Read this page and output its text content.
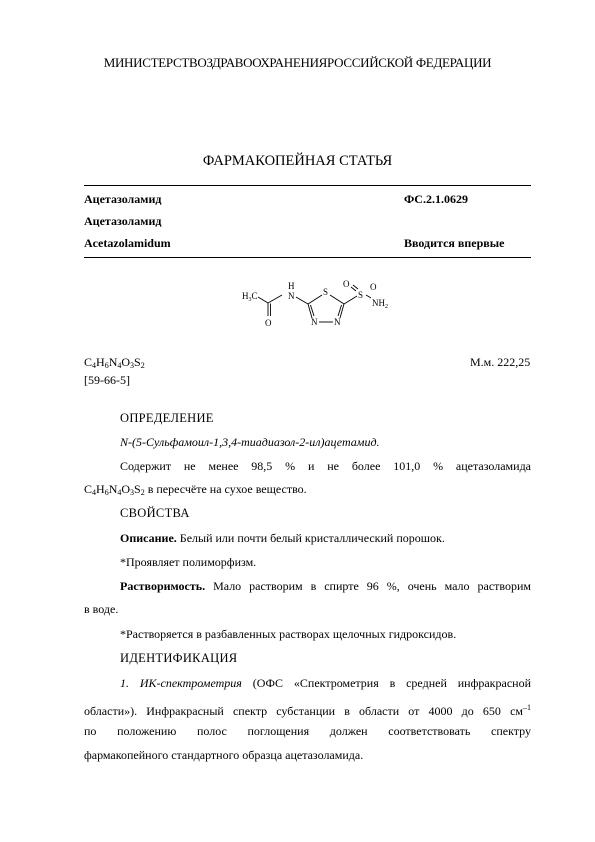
МИНИСТЕРСТВОЗДРАВООХРАНЕНИЯРОССИЙСКОЙ ФЕДЕРАЦИИ
ФАРМАКОПЕЙНАЯ СТАТЬЯ
Ацетазоламид	ФС.2.1.0629
Ацетазоламид
Acetazolamidum	Вводится впервые
$H_3C$
O
H
N	S
N N
O
S
O
$NH_2$
$C_4H_6N_4O_3S_2$	М.м. 222,25
[59-66-5]
ОПРЕДЕЛЕНИЕ
N-(5-Сульфамоил-1,3,4-тиадиазол-2-ил)ацетамид.
Содержит не менее 98,5 % и не более 101,0 % ацетазоламида
$C_4H_6N_4O_3S_2$ в пересчёте на сухое вещество.
СВОЙСТВА
Описание. Белый или почти белый кристаллический порошок.
*Проявляет полиморфизм.
Растворимость. Мало растворим в спирте 96 %, очень мало растворим
в воде.
*Растворяется в разбавленных растворах щелочных гидроксидов.
ИДЕНТИФИКАЦИЯ
1. ИК-спектрометрия (ОФС «Спектрометрия в средней инфракрасной
области»). Инфракрасный спектр субстанции в области от 4000 до 650 $см^{-1}$
по положению полос поглощения должен соответствовать спектру
фармакопейного стандартного образца ацетазоламида.
